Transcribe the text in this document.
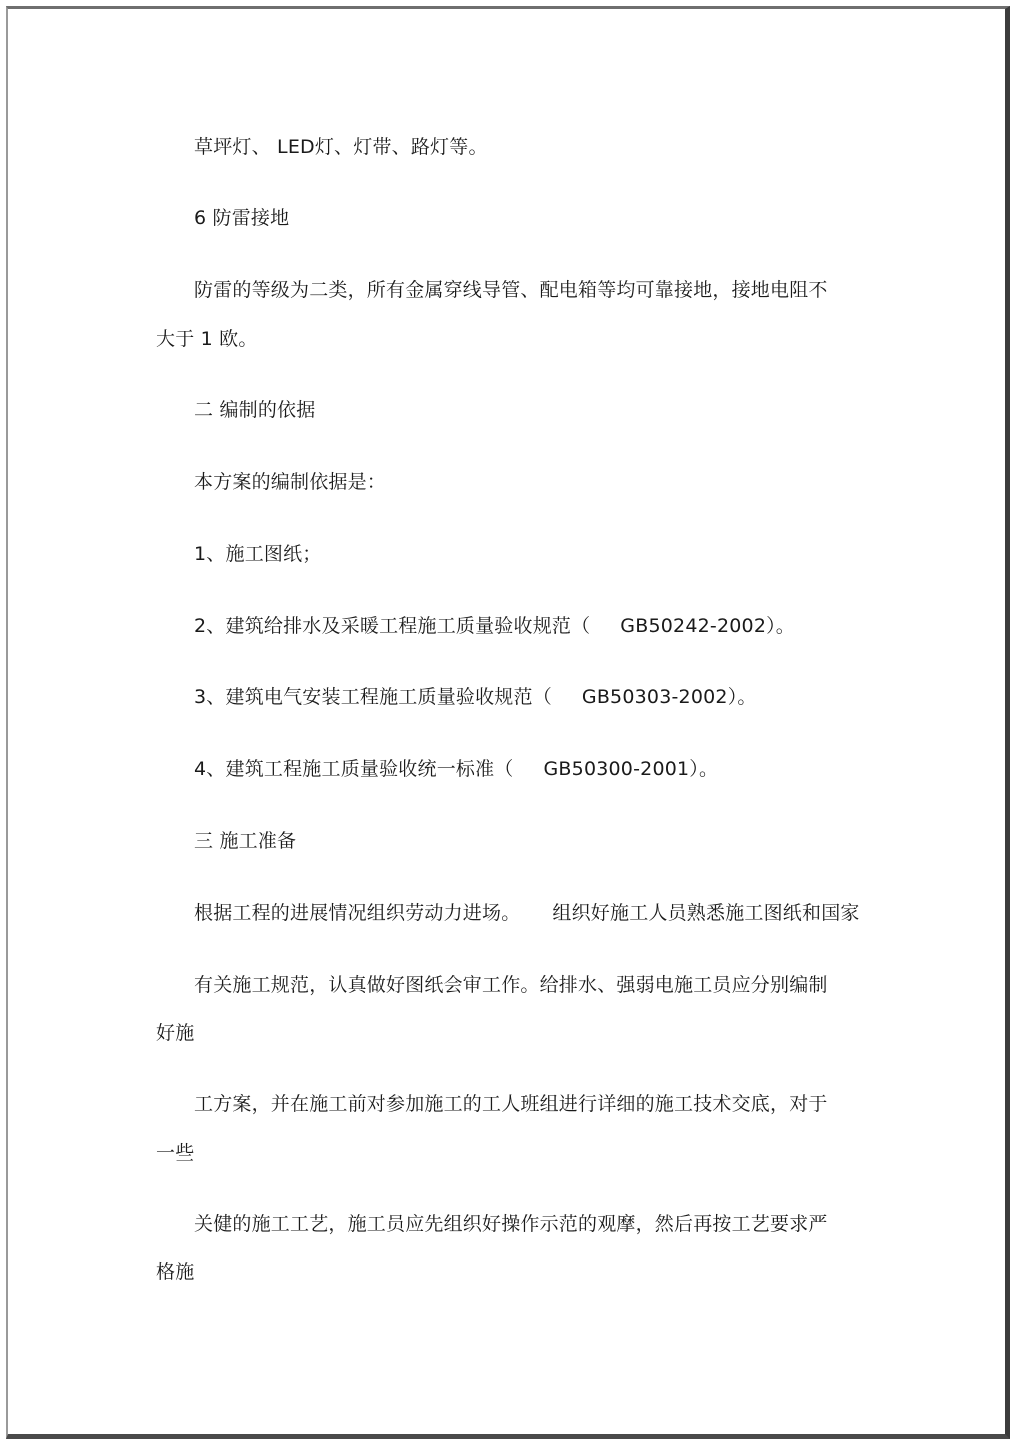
草坪灯、 LED灯、灯带、路灯等。
6 防雷接地
防雷的等级为二类，所有金属穿线导管、配电箱等均可靠接地，接地电阻不
大于 1 欧。
二 编制的依据
本方案的编制依据是：
1、施工图纸；
2、建筑给排水及采暖工程施工质量验收规范（ GB50242-2002）。
3、建筑电气安装工程施工质量验收规范（ GB50303-2002）。
4、建筑工程施工质量验收统一标准（ GB50300-2001）。
三 施工准备
根据工程的进展情况组织劳动力进场。 组织好施工人员熟悉施工图纸和国家
有关施工规范，认真做好图纸会审工作。给排水、强弱电施工员应分别编制
好施
工方案，并在施工前对参加施工的工人班组进行详细的施工技术交底，对于
一些
关健的施工工艺，施工员应先组织好操作示范的观摩，然后再按工艺要求严
格施
